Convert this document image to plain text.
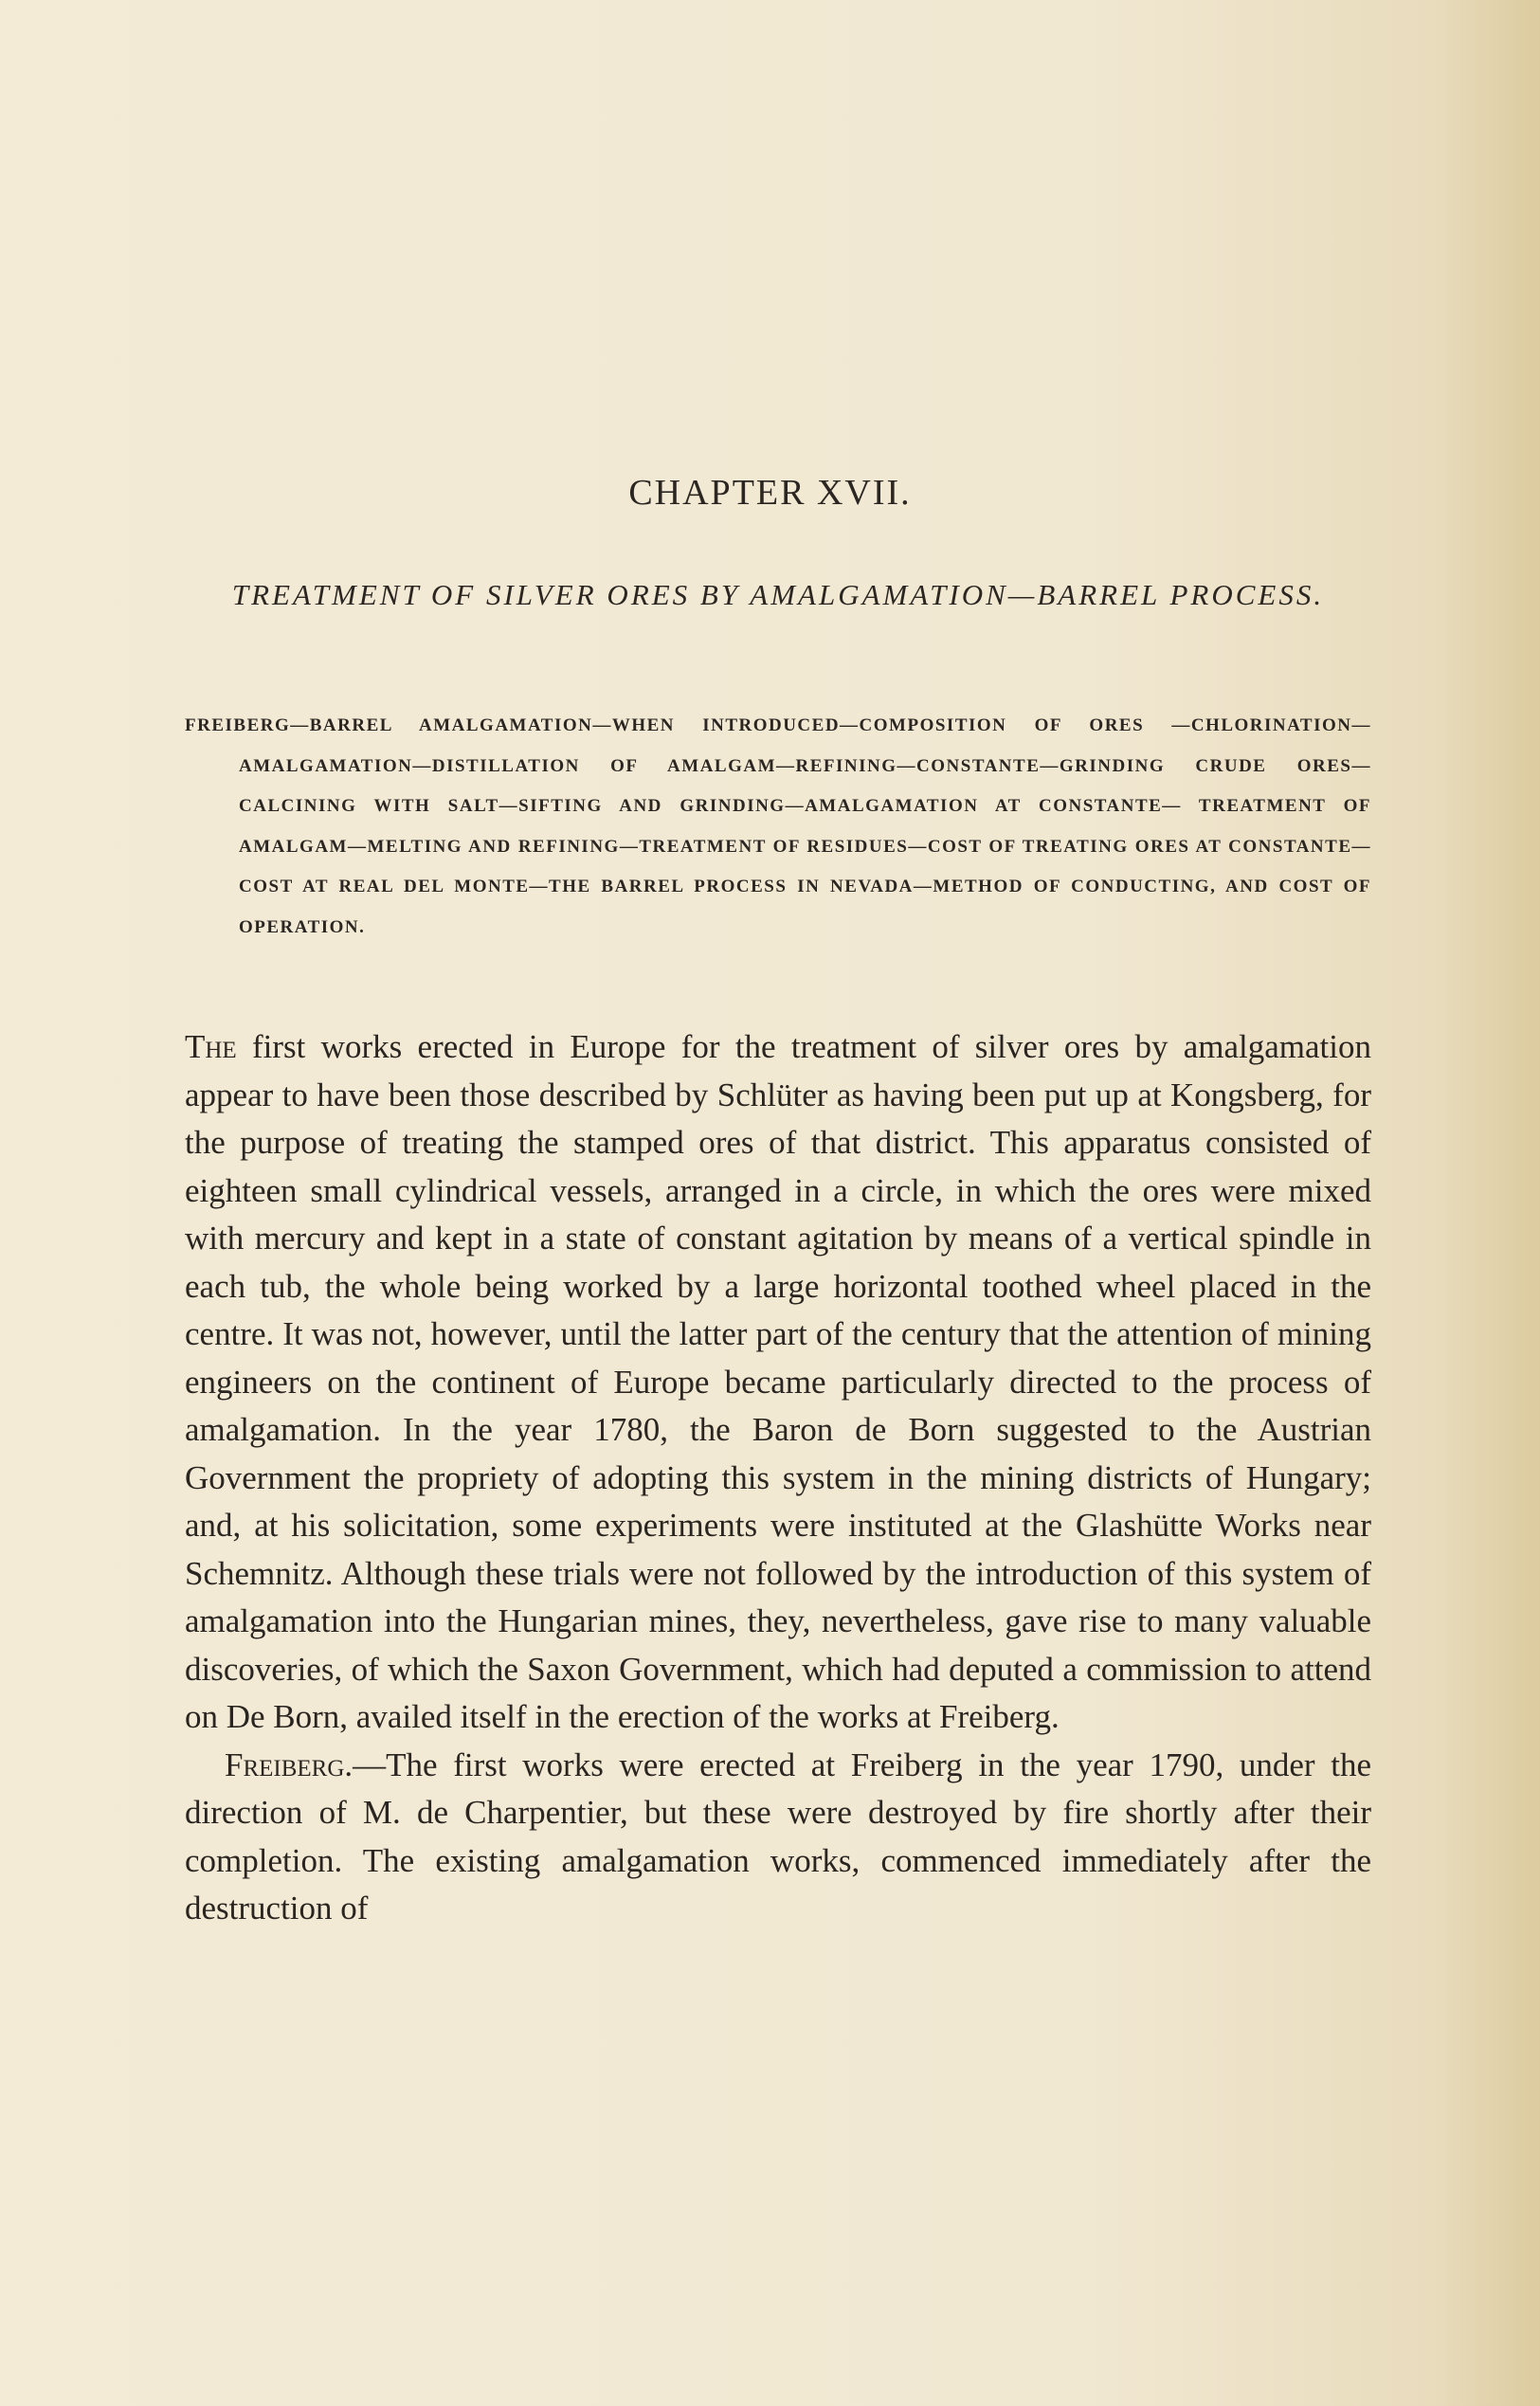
CHAPTER XVII.
TREATMENT OF SILVER ORES BY AMALGAMATION—BARREL PROCESS.
FREIBERG—BARREL AMALGAMATION—WHEN INTRODUCED—COMPOSITION OF ORES —CHLORINATION—AMALGAMATION—DISTILLATION OF AMALGAM—REFINING—CONSTANTE—GRINDING CRUDE ORES—CALCINING WITH SALT—SIFTING AND GRINDING—AMALGAMATION AT CONSTANTE— TREATMENT OF AMALGAM—MELTING AND REFINING—TREATMENT OF RESIDUES—COST OF TREATING ORES AT CONSTANTE—COST AT REAL DEL MONTE—THE BARREL PROCESS IN NEVADA—METHOD OF CONDUCTING, AND COST OF OPERATION.

The first works erected in Europe for the treatment of silver ores by amalgamation appear to have been those described by Schlüter as having been put up at Kongsberg, for the purpose of treating the stamped ores of that district. This apparatus consisted of eighteen small cylindrical vessels, arranged in a circle, in which the ores were mixed with mercury and kept in a state of constant agitation by means of a vertical spindle in each tub, the whole being worked by a large horizontal toothed wheel placed in the centre. It was not, however, until the latter part of the century that the attention of mining engineers on the continent of Europe became particularly directed to the process of amalgamation. In the year 1780, the Baron de Born suggested to the Austrian Government the propriety of adopting this system in the mining districts of Hungary; and, at his solicitation, some experiments were instituted at the Glashütte Works near Schemnitz. Although these trials were not followed by the introduction of this system of amalgamation into the Hungarian mines, they, nevertheless, gave rise to many valuable discoveries, of which the Saxon Government, which had deputed a commission to attend on De Born, availed itself in the erection of the works at Freiberg.

Freiberg.—The first works were erected at Freiberg in the year 1790, under the direction of M. de Charpentier, but these were destroyed by fire shortly after their completion. The existing amalgamation works, commenced immediately after the destruction of
